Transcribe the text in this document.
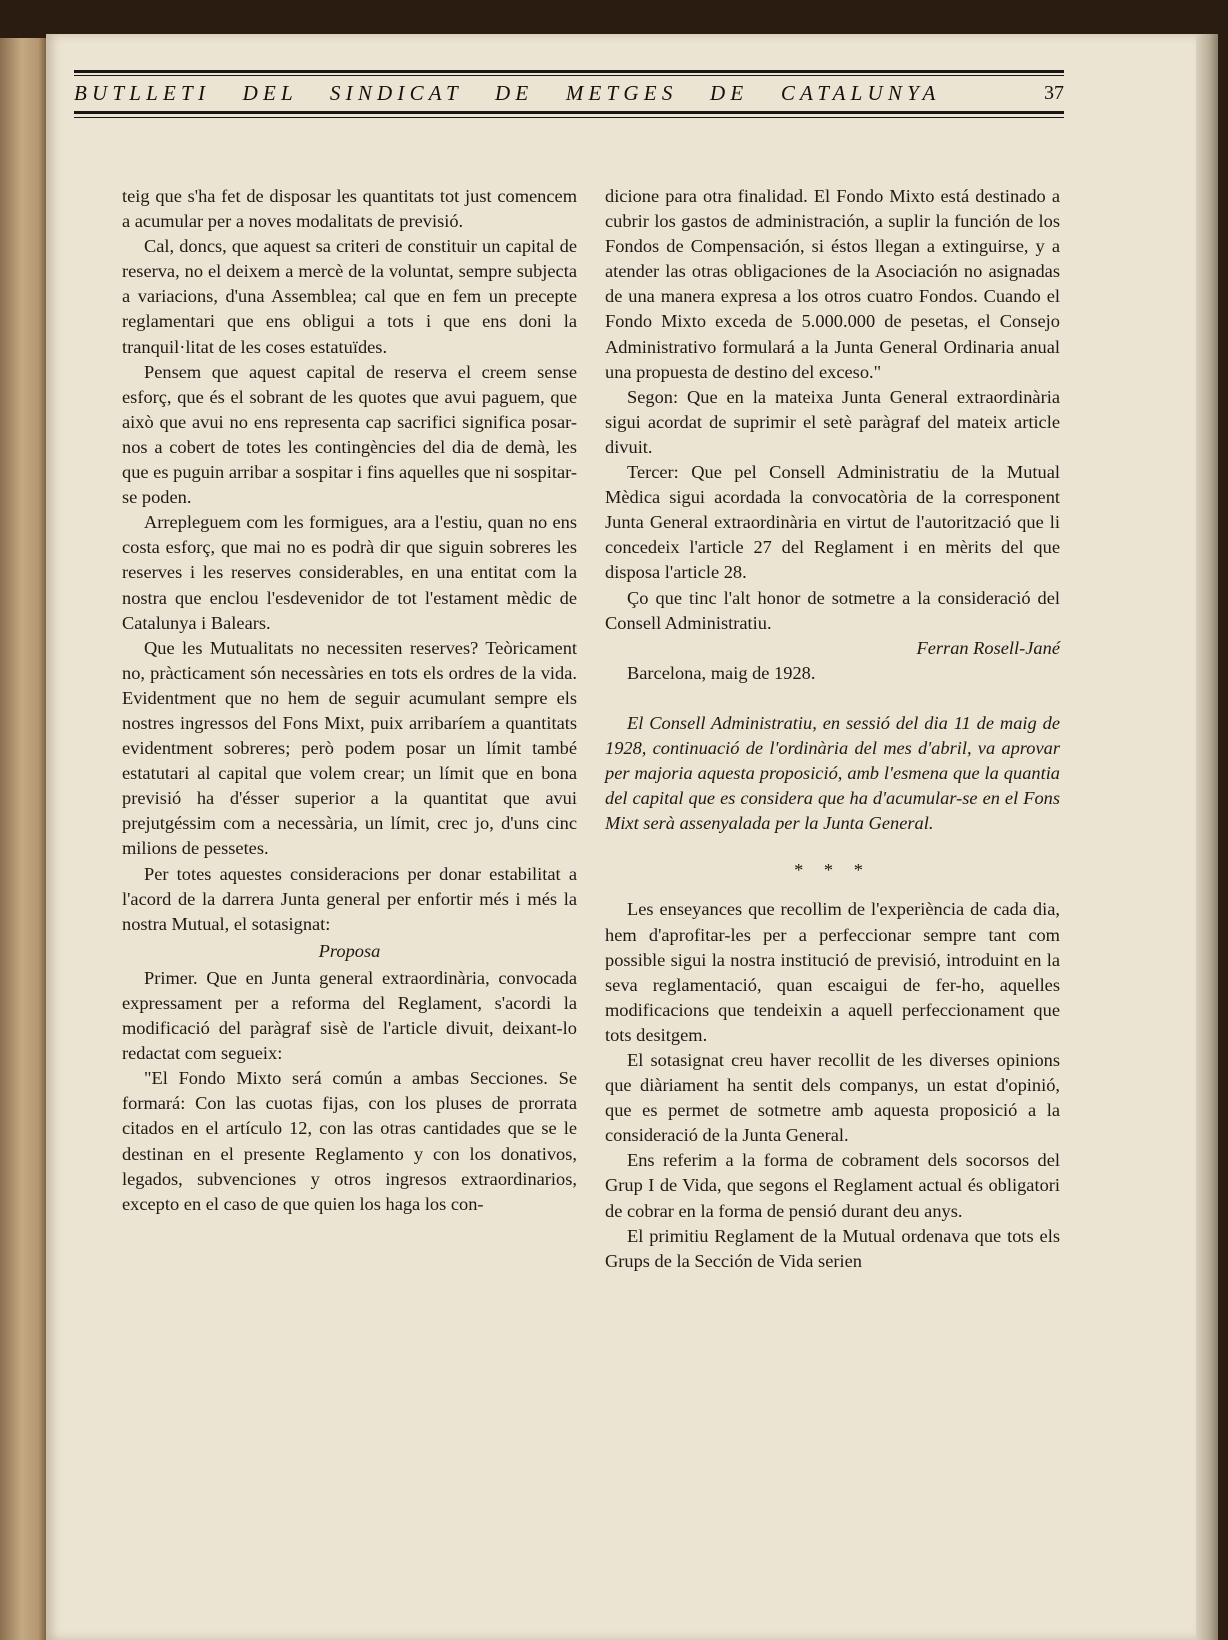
BUTLLETI DEL SINDICAT DE METGES DE CATALUNYA	37

teig que s'ha fet de disposar les quantitats tot just comencem a acumular per a noves modalitats de previsió.

Cal, doncs, que aquest sa criteri de constituir un capital de reserva, no el deixem a mercè de la voluntat, sempre subjecta a variacions, d'una Assemblea; cal que en fem un precepte reglamentari que ens obligui a tots i que ens doni la tranquil·litat de les coses estatuïdes.

Pensem que aquest capital de reserva el creem sense esforç, que és el sobrant de les quotes que avui paguem, que això que avui no ens representa cap sacrifici significa posar-nos a cobert de totes les contingències del dia de demà, les que es puguin arribar a sospitar i fins aquelles que ni sospitar-se poden.

Arrepleguem com les formigues, ara a l'estiu, quan no ens costa esforç, que mai no es podrà dir que siguin sobreres les reserves i les reserves considerables, en una entitat com la nostra que enclou l'esdevenidor de tot l'estament mèdic de Catalunya i Balears.

Que les Mutualitats no necessiten reserves? Teòricament no, pràcticament són necessàries en tots els ordres de la vida. Evidentment que no hem de seguir acumulant sempre els nostres ingressos del Fons Mixt, puix arribaríem a quantitats evidentment sobreres; però podem posar un límit també estatutari al capital que volem crear; un límit que en bona previsió ha d'ésser superior a la quantitat que avui prejutgéssim com a necessària, un límit, crec jo, d'uns cinc milions de pessetes.

Per totes aquestes consideracions per donar estabilitat a l'acord de la darrera Junta general per enfortir més i més la nostra Mutual, el sotasignat:

Proposa

Primer. Que en Junta general extraordinària, convocada expressament per a reforma del Reglament, s'acordi la modificació del paràgraf sisè de l'article divuit, deixant-lo redactat com segueix:

"El Fondo Mixto será común a ambas Secciones. Se formará: Con las cuotas fijas, con los pluses de prorrata citados en el artículo 12, con las otras cantidades que se le destinan en el presente Reglamento y con los donativos, legados, subvenciones y otros ingresos extraordinarios, excepto en el caso de que quien los haga los con-

dicione para otra finalidad. El Fondo Mixto está destinado a cubrir los gastos de administración, a suplir la función de los Fondos de Compensación, si éstos llegan a extinguirse, y a atender las otras obligaciones de la Asociación no asignadas de una manera expresa a los otros cuatro Fondos. Cuando el Fondo Mixto exceda de 5.000.000 de pesetas, el Consejo Administrativo formulará a la Junta General Ordinaria anual una propuesta de destino del exceso."

Segon: Que en la mateixa Junta General extraordinària sigui acordat de suprimir el setè paràgraf del mateix article divuit.

Tercer: Que pel Consell Administratiu de la Mutual Mèdica sigui acordada la convocatòria de la corresponent Junta General extraordinària en virtut de l'autorització que li concedeix l'article 27 del Reglament i en mèrits del que disposa l'article 28.

Ço que tinc l'alt honor de sotmetre a la consideració del Consell Administratiu.

Ferran Rosell-Jané

Barcelona, maig de 1928.

El Consell Administratiu, en sessió del dia 11 de maig de 1928, continuació de l'ordinària del mes d'abril, va aprovar per majoria aquesta proposició, amb l'esmena que la quantia del capital que es considera que ha d'acumular-se en el Fons Mixt serà assenyalada per la Junta General.

* * *

Les enseyances que recollim de l'experiència de cada dia, hem d'aprofitar-les per a perfeccionar sempre tant com possible sigui la nostra institució de previsió, introduint en la seva reglamentació, quan escaigui de fer-ho, aquelles modificacions que tendeixin a aquell perfeccionament que tots desitgem.

El sotasignat creu haver recollit de les diverses opinions que diàriament ha sentit dels companys, un estat d'opinió, que es permet de sotmetre amb aquesta proposició a la consideració de la Junta General.

Ens referim a la forma de cobrament dels socorsos del Grup I de Vida, que segons el Reglament actual és obligatori de cobrar en la forma de pensió durant deu anys.

El primitiu Reglament de la Mutual ordenava que tots els Grups de la Sección de Vida serien
